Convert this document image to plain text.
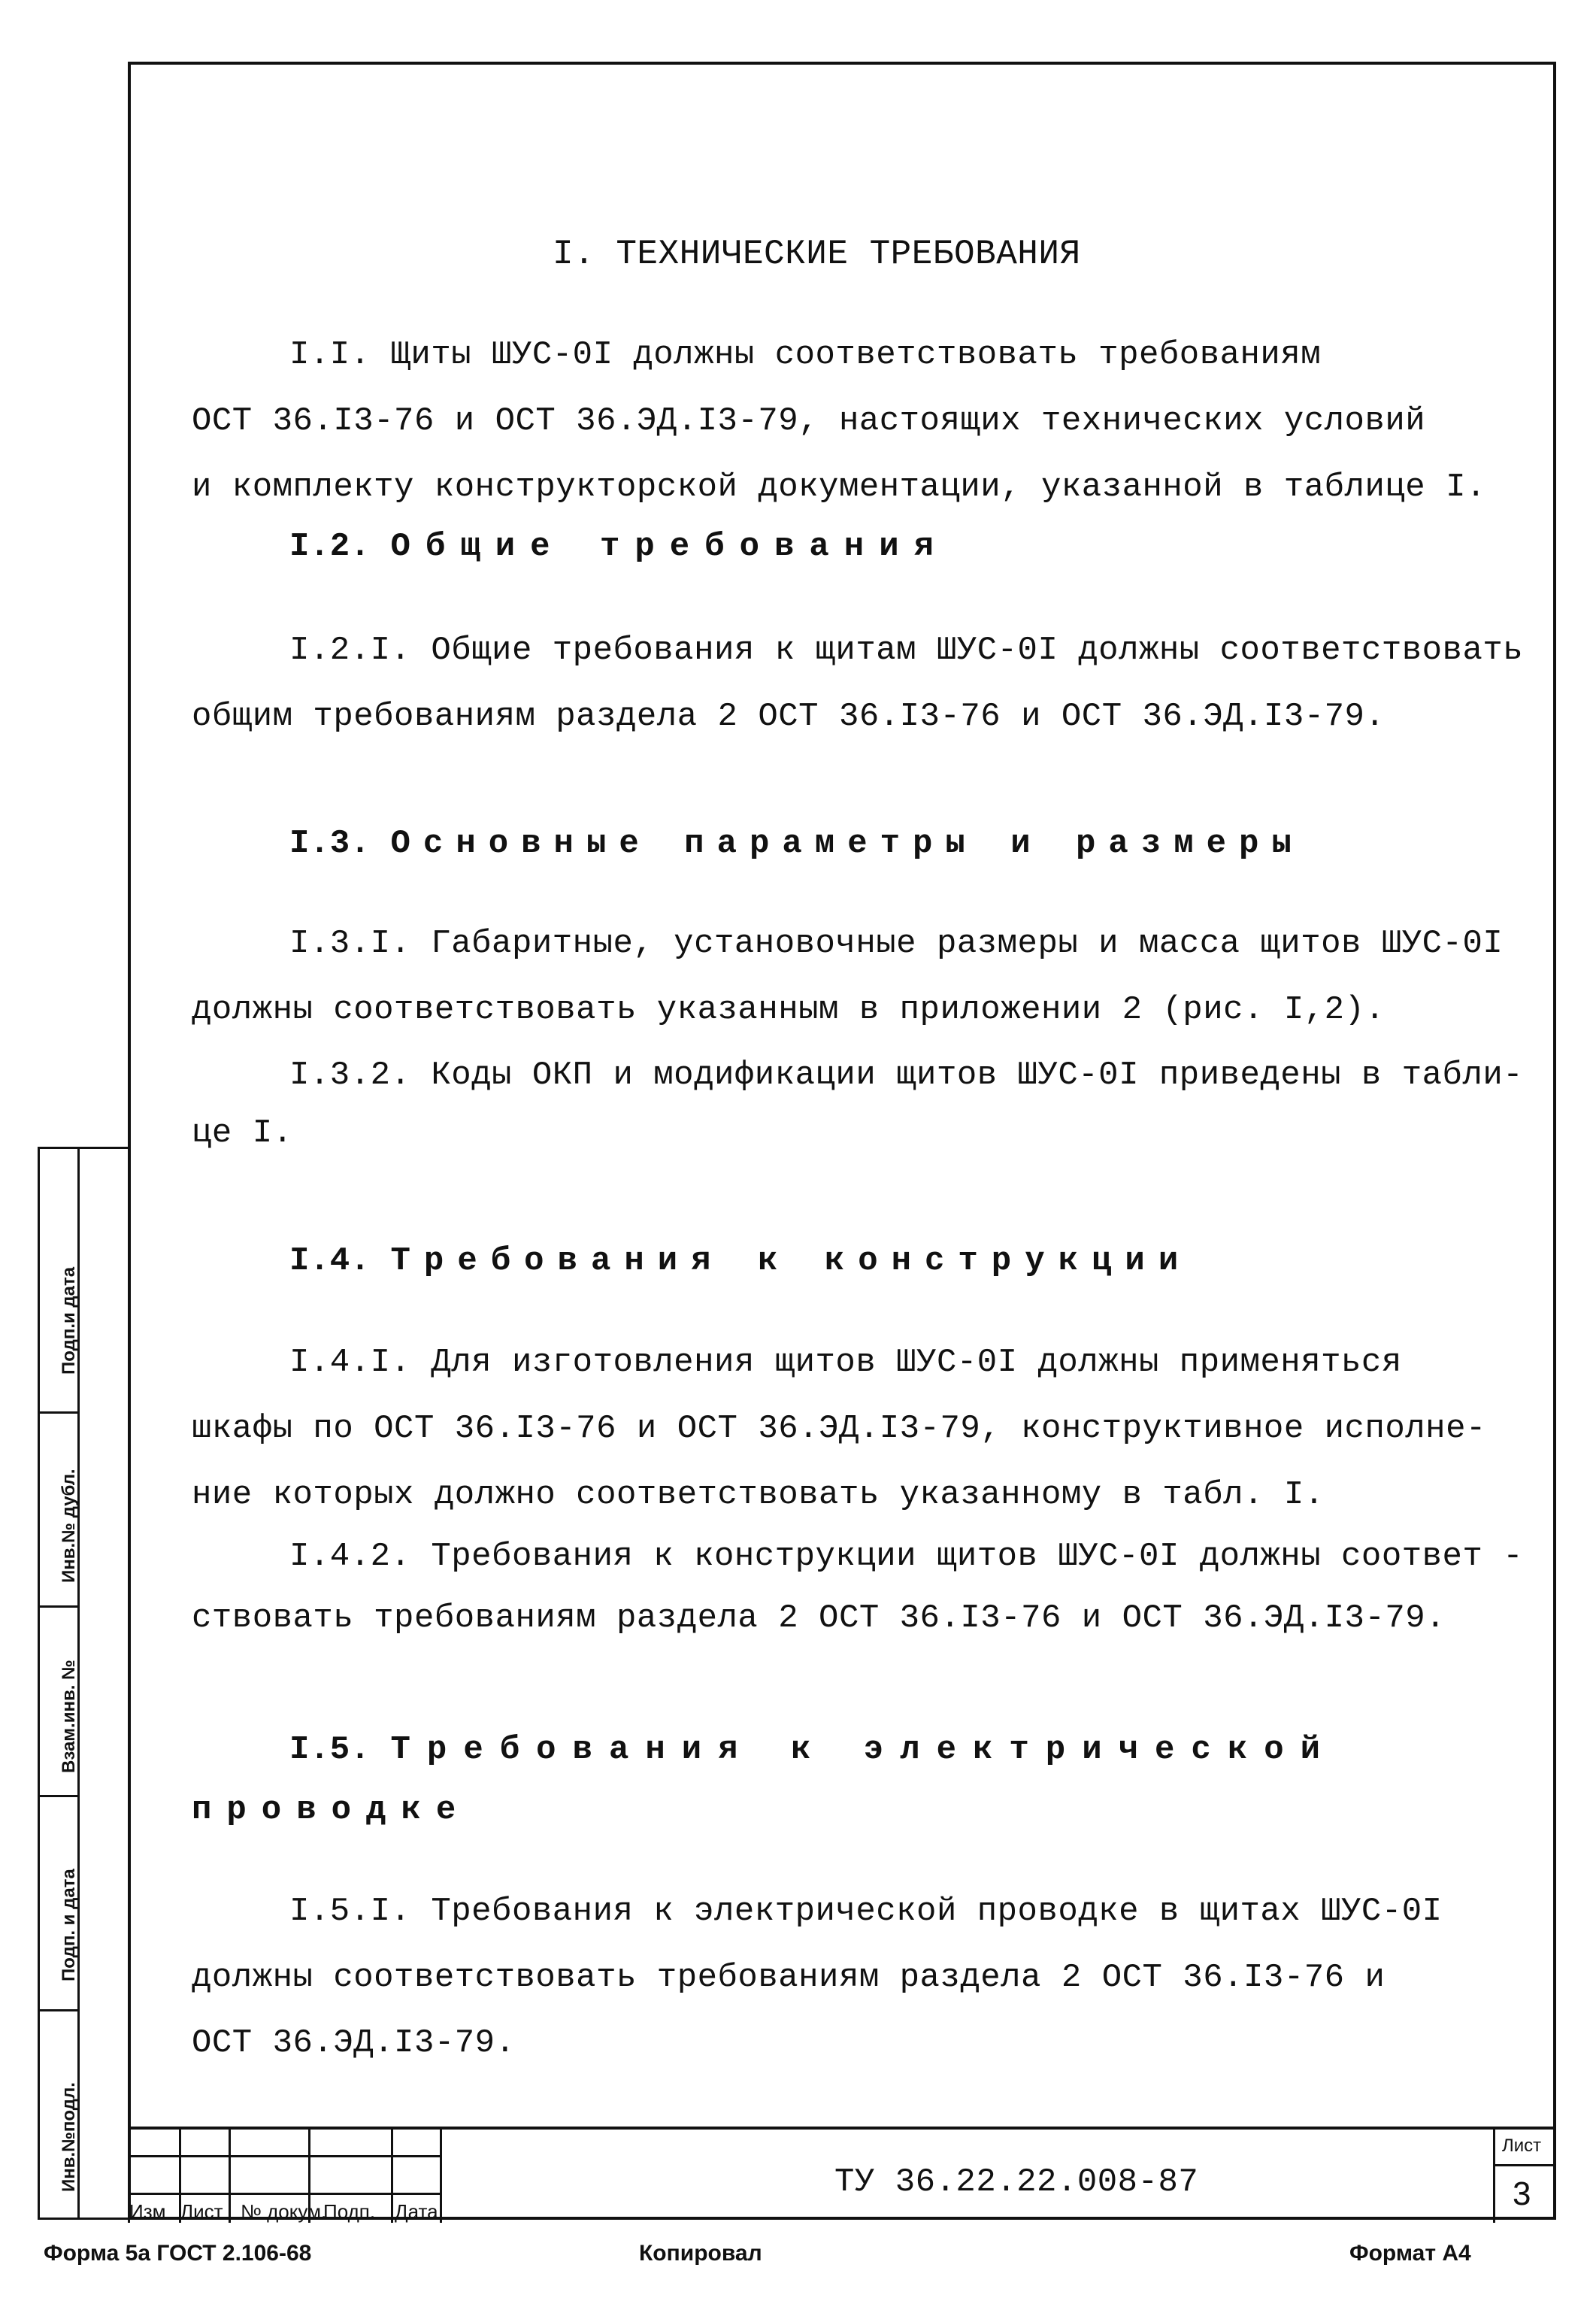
I. ТЕХНИЧЕСКИЕ ТРЕБОВАНИЯ
I.I. Щиты ШУС-0I должны соответствовать требованиям
ОСТ 36.I3-76 и ОСТ 36.ЭД.I3-79, настоящих технических условий
и комплекту конструкторской документации, указанной в таблице I.
I.2. Общие требования
I.2.I. Общие требования к щитам ШУС-0I должны соответствовать
общим требованиям раздела 2 ОСТ 36.I3-76 и ОСТ 36.ЭД.I3-79.
I.3. Основные параметры и размеры
I.3.I. Габаритные, установочные размеры и масса щитов ШУС-0I
должны соответствовать указанным в приложении 2 (рис. I,2).
I.3.2. Коды ОКП и модификации щитов ШУС-0I приведены в табли-
це I.
I.4. Требования к конструкции
I.4.I. Для изготовления щитов ШУС-0I должны применяться
шкафы по ОСТ 36.I3-76 и ОСТ 36.ЭД.I3-79, конструктивное исполне-
ние которых должно соответствовать указанному в табл. I.
I.4.2. Требования к конструкции щитов ШУС-0I должны соответ -
ствовать требованиям раздела 2 ОСТ 36.I3-76 и ОСТ 36.ЭД.I3-79.
I.5. Требования к электрической
проводке
I.5.I. Требования к электрической проводке в щитах ШУС-0I
должны соответствовать требованиям раздела 2 ОСТ 36.I3-76 и
ОСТ 36.ЭД.I3-79.
Подп.и дата
Инв.№ дубл.
Взам.инв. №
Подп. и дата
Инв.№подл.
Изм Лист № докум.
Подп. Дата
ТУ 36.22.22.008-87
Лист
3
Форма 5а ГОСТ 2.106-68	Копировал	Формат А4
